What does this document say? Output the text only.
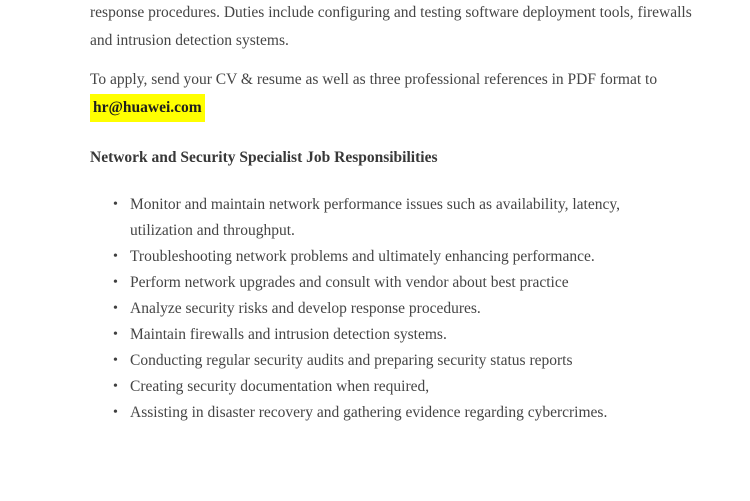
response procedures. Duties include configuring and testing software deployment tools, firewalls
and intrusion detection systems.

To apply, send your CV & resume as well as three professional references in PDF format to
hr@huawei.com

Network and Security Specialist Job Responsibilities
• Monitor and maintain network performance issues such as availability, latency,
utilization and throughput.
• Troubleshooting network problems and ultimately enhancing performance.
• Perform network upgrades and consult with vendor about best practice
• Analyze security risks and develop response procedures.
• Maintain firewalls and intrusion detection systems.
• Conducting regular security audits and preparing security status reports
• Creating security documentation when required,
• Assisting in disaster recovery and gathering evidence regarding cybercrimes.
